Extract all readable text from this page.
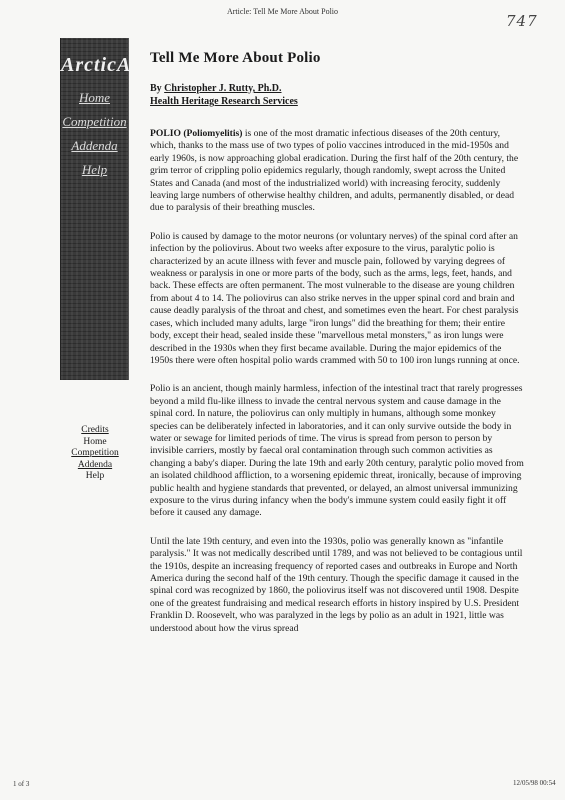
Article: Tell Me More About Polio
747
ArcticA
Home
Competition
Addenda
Help
Tell Me More About Polio
By Christopher J. Rutty, Ph.D.
Health Heritage Research Services

POLIO (Poliomyelitis) is one of the most dramatic infectious diseases of the 20th century, which, thanks to the mass use of two types of polio vaccines introduced in the mid-1950s and early 1960s, is now approaching global eradication. During the first half of the 20th century, the grim terror of crippling polio epidemics regularly, though randomly, swept across the United States and Canada (and most of the industrialized world) with increasing ferocity, suddenly leaving large numbers of otherwise healthy children, and adults, permanently disabled, or dead due to paralysis of their breathing muscles.

Polio is caused by damage to the motor neurons (or voluntary nerves) of the spinal cord after an infection by the poliovirus. About two weeks after exposure to the virus, paralytic polio is characterized by an acute illness with fever and muscle pain, followed by varying degrees of weakness or paralysis in one or more parts of the body, such as the arms, legs, feet, hands, and back. These effects are often permanent. The most vulnerable to the disease are young children from about 4 to 14. The poliovirus can also strike nerves in the upper spinal cord and brain and cause deadly paralysis of the throat and chest, and sometimes even the heart. For chest paralysis cases, which included many adults, large "iron lungs" did the breathing for them; their entire body, except their head, sealed inside these "marvellous metal monsters," as iron lungs were described in the 1930s when they first became available. During the major epidemics of the 1950s there were often hospital polio wards crammed with 50 to 100 iron lungs running at once.

Polio is an ancient, though mainly harmless, infection of the intestinal tract that rarely progresses beyond a mild flu-like illness to invade the central nervous system and cause damage in the spinal cord. In nature, the poliovirus can only multiply in humans, although some monkey species can be deliberately infected in laboratories, and it can only survive outside the body in water or sewage for limited periods of time. The virus is spread from person to person by invisible carriers, mostly by faecal oral contamination through such common activities as changing a baby's diaper. During the late 19th and early 20th century, paralytic polio moved from an isolated childhood affliction, to a worsening epidemic threat, ironically, because of improving public health and hygiene standards that prevented, or delayed, an almost universal immunizing exposure to the virus during infancy when the body's immune system could easily fight it off before it caused any damage.

Until the late 19th century, and even into the 1930s, polio was generally known as "infantile paralysis." It was not medically described until 1789, and was not believed to be contagious until the 1910s, despite an increasing frequency of reported cases and outbreaks in Europe and North America during the second half of the 19th century. Though the specific damage it caused in the spinal cord was recognized by 1860, the poliovirus itself was not discovered until 1908. Despite one of the greatest fundraising and medical research efforts in history inspired by U.S. President Franklin D. Roosevelt, who was paralyzed in the legs by polio as an adult in 1921, little was understood about how the virus spread

Credits
Home
Competition
Addenda
Help
1 of 3	12/05/98 00:54
